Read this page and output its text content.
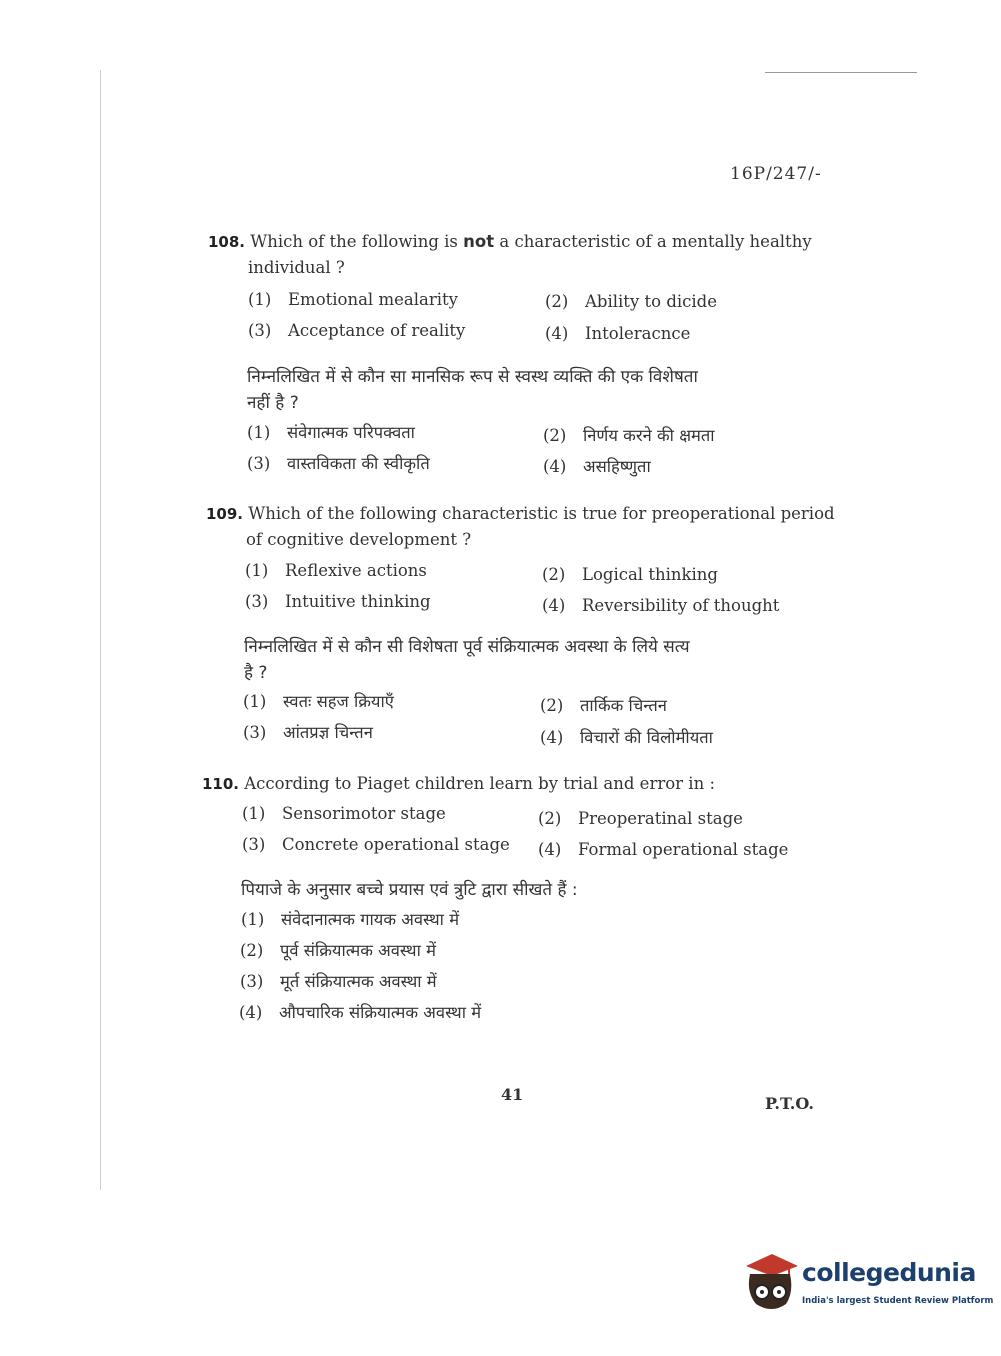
16P/247/-
108. Which of the following is not a characteristic of a mentally healthy
individual ?
(1) Emotional mealarity	(2) Ability to dicide
(3) Acceptance of reality	(4) Intoleracnce
निम्नलिखित में से कौन सा मानसिक रूप से स्वस्थ व्यक्ति की एक विशेषता
नहीं है ?
(1) संवेगात्मक परिपक्वता	(2) निर्णय करने की क्षमता
(3) वास्तविकता की स्वीकृति	(4) असहिष्णुता
109. Which of the following characteristic is true for preoperational period
of cognitive development ?
(1) Reflexive actions	(2) Logical thinking
(3) Intuitive thinking	(4) Reversibility of thought
निम्नलिखित में से कौन सी विशेषता पूर्व संक्रियात्मक अवस्था के लिये सत्य
है ?
(1) स्वतः सहज क्रियाएँ	(2) तार्किक चिन्तन
(3) आंतप्रज्ञ चिन्तन	(4) विचारों की विलोमीयता
110. According to Piaget children learn by trial and error in :
(1) Sensorimotor stage	(2) Preoperatinal stage
(3) Concrete operational stage (4) Formal operational stage
पियाजे के अनुसार बच्चे प्रयास एवं त्रुटि द्वारा सीखते हैं :
(1) संवेदानात्मक गायक अवस्था में
(2) पूर्व संक्रियात्मक अवस्था में
(3) मूर्त संक्रियात्मक अवस्था में
(4) औपचारिक संक्रियात्मक अवस्था में
41	P.T.O.
collegedunia
India's largest Student Review Platform
